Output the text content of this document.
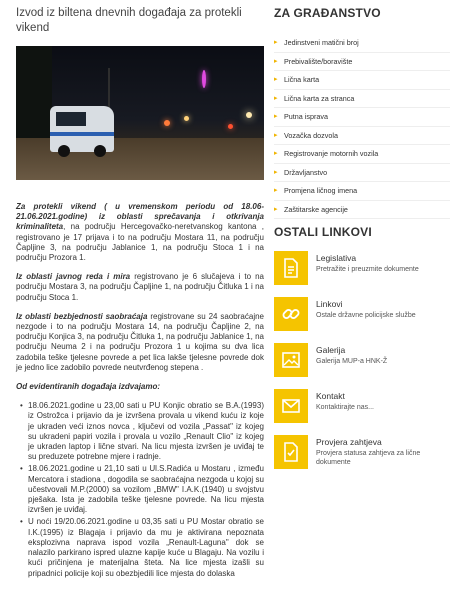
Izvod iz biltena dnevnih događaja za protekli vikend

Za protekli vikend ( u vremenskom periodu od 18.06-21.06.2021.godine) iz oblasti sprečavanja i otkrivanja kriminaliteta, na području Hercegovačko-neretvanskog kantona , registrovano je 17 prijava i to na području Mostara 11, na području Čapljine 3, na području Jablanice 1, na području Stoca 1 i na području Prozora 1.

Iz oblasti javnog reda i mira registrovano je 6 slučajeva i to na području Mostara 3, na području Čapljine 1, na području Čitluka 1 i na području Stoca 1.

Iz oblasti bezbjednosti saobraćaja registrovane su 24 saobraćajne nezgode i to na području Mostara 14, na području Čapljine 2, na području Konjica 3, na području Čitluka 1, na području Jablanice 1, na području Neuma 2 i na području Prozora 1 u kojima su dva lica zadobila teške tjelesne povrede a pet lica lakše tjelesne povrede dok je jedno lice zadobilo povrede neutvrđenog stepena .

Od evidentiranih događaja izdvajamo:

• 18.06.2021.godine u 23,00 sati u PU Konjic obratio se B.A.(1993) iz Ostrožca i prijavio da je izvršena provala u vikend kuću iz koje je ukraden veći iznos novca , ključevi od vozila „Passat" iz kojeg su ukradeni papiri vozila i provala u vozilo „Renault Clio" iz kojeg je ukraden laptop i lične stvari. Na licu mjesta izvršen je uviđaj te su preduzete potrebne mjere i radnje.
• 18.06.2021.godine u 21,10 sati u Ul.S.Radića u Mostaru , između Mercatora i stadiona , dogodila se saobraćajna nezgoda u kojoj su učestvovali M.P.(2000) sa vozilom „BMW" I.A.K.(1940) u svojstvu pješaka. Ista je zadobila teške tjelesne povrede. Na licu mjesta izvršen je uviđaj.
• U noći 19/20.06.2021.godine u 03,35 sati u PU Mostar obratio se I.K.(1995) iz Blagaja i prijavio da mu je aktivirana nepoznata eksplozivna naprava ispod vozila „Renault-Laguna" dok se nalazilo parkirano ispred ulazne kapije kuće u Blagaju. Na vozilu i kući pričinjena je materijalna šteta. Na lice mjesta izašli su pripadnici policije koji su obezbjedili lice mjesta do dolaska
ZA GRAĐANSTVO
▸ Jedinstveni matični broj
▸ Prebivalište/boravište
▸ Lična karta
▸ Lična karta za stranca
▸ Putna isprava
▸ Vozačka dozvola
▸ Registrovanje motornih vozila
▸ Državljanstvo
▸ Promjena ličnog imena
▸ Zaštitarske agencije
OSTALI LINKOVI
Legislativa
Pretražite i preuzmite dokumente
Linkovi
Ostale državne policijske službe
Galerija
Galerija MUP-a HNK-Ž
Kontakt
Kontaktirajte nas...
Provjera zahtjeva
Provjera statusa zahtjeva za lične dokumente
